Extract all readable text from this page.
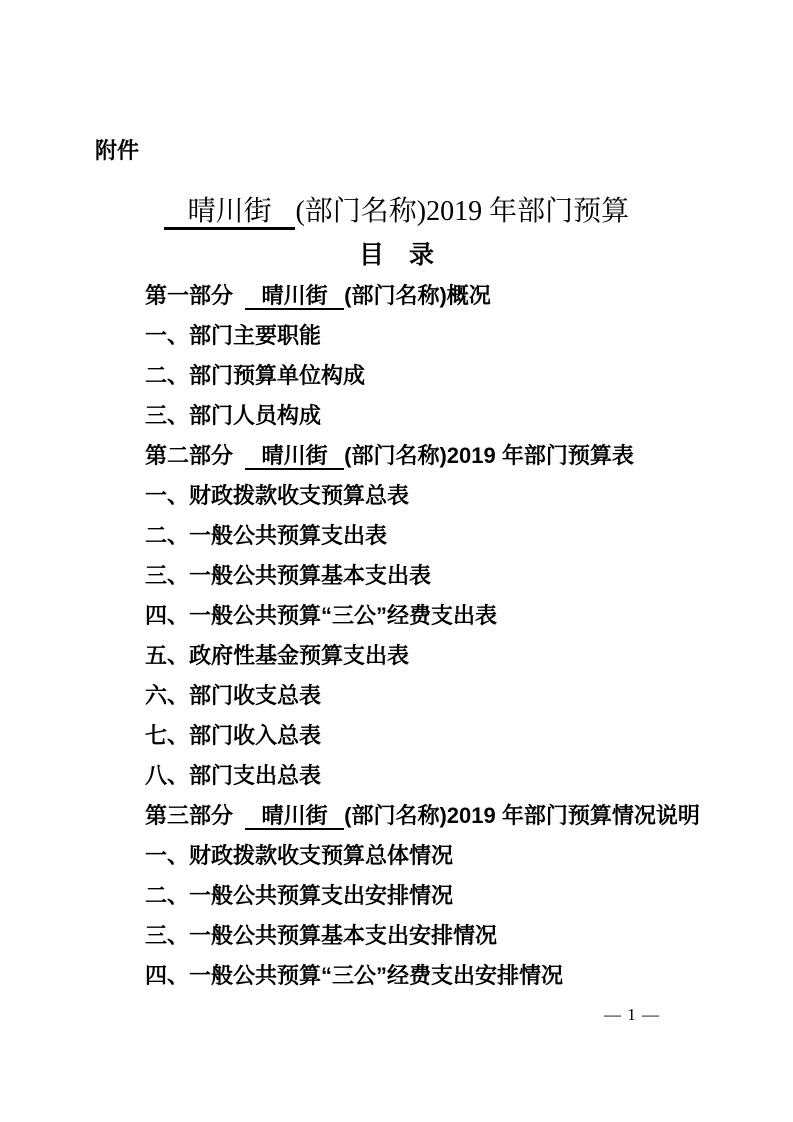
附件
晴川街 (部门名称)2019 年部门预算
目　录
第一部分 晴川街 (部门名称)概况
一、部门主要职能
二、部门预算单位构成
三、部门人员构成
第二部分 晴川街 (部门名称)2019 年部门预算表
一、财政拨款收支预算总表
二、一般公共预算支出表
三、一般公共预算基本支出表
四、一般公共预算“三公”经费支出表
五、政府性基金预算支出表
六、部门收支总表
七、部门收入总表
八、部门支出总表
第三部分 晴川街 (部门名称)2019 年部门预算情况说明
一、财政拨款收支预算总体情况
二、一般公共预算支出安排情况
三、一般公共预算基本支出安排情况
四、一般公共预算“三公”经费支出安排情况
— 1 —
